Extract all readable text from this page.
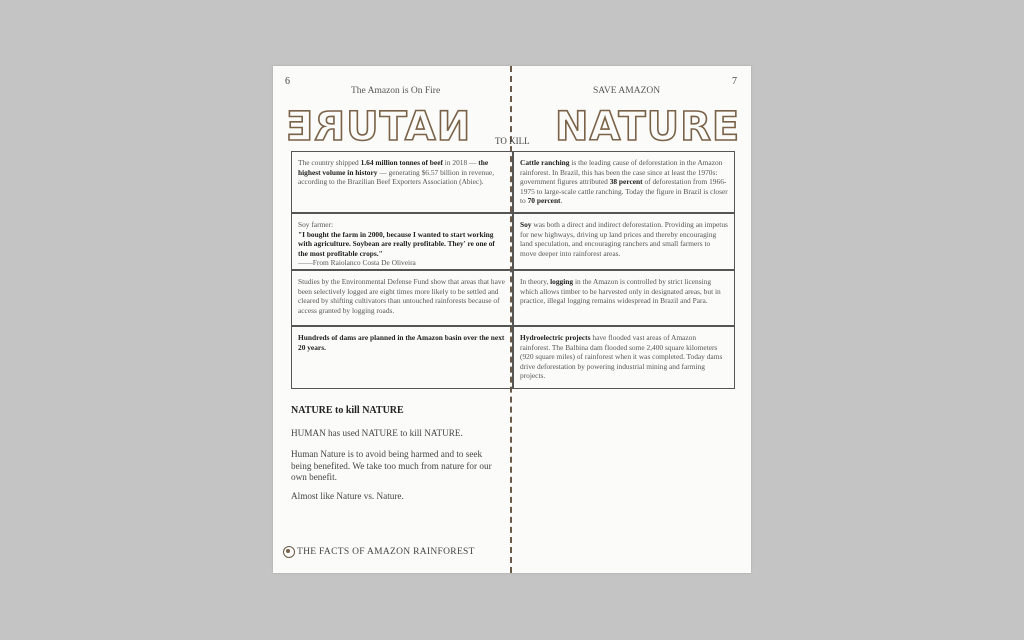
6	7
The Amazon is On Fire	SAVE AMAZON
NATURE NATURE
TO KILL
The country shipped 1.64 million tonnes of beef in 2018 — the highest volume in history — generating $6.57 billion in revenue, according to the Brazilian Beef Exporters Association (Abiec).
Cattle ranching is the leading cause of deforestation in the Amazon rainforest. In Brazil, this has been the case since at least the 1970s: government figures attributed 38 percent of deforestation from 1966-1975 to large-scale cattle ranching. Today the figure in Brazil is closer to 70 percent.
Soy farmer:
"I bought the farm in 2000, because I wanted to start working with agriculture. Soybean are really profitable. They' re one of the most profitable crops."
——From Raiolanco Costa De Oliveira
Soy was both a direct and indirect deforestation. Providing an impetus for new highways, driving up land prices and thereby encouraging land speculation, and encouraging ranchers and small farmers to move deeper into rainforest areas.
Studies by the Environmental Defense Fund show that areas that have been selectively logged are eight times more likely to be settled and cleared by shifting cultivators than untouched rainforests because of access granted by logging roads.
In theory, logging in the Amazon is controlled by strict licensing which allows timber to be harvested only in designated areas, but in practice, illegal logging remains widespread in Brazil and Para.
Hundreds of dams are planned in the Amazon basin over the next 20 years.
Hydroelectric projects have flooded vast areas of Amazon rainforest. The Balbina dam flooded some 2,400 square kilometers (920 square miles) of rainforest when it was completed. Today dams drive deforestation by powering industrial mining and farming projects.
NATURE to kill NATURE
HUMAN has used NATURE to kill NATURE.
Human Nature is to avoid being harmed and to seek being benefited. We take too much from nature for our own benefit.
Almost like Nature vs. Nature.
THE FACTS OF AMAZON RAINFOREST
